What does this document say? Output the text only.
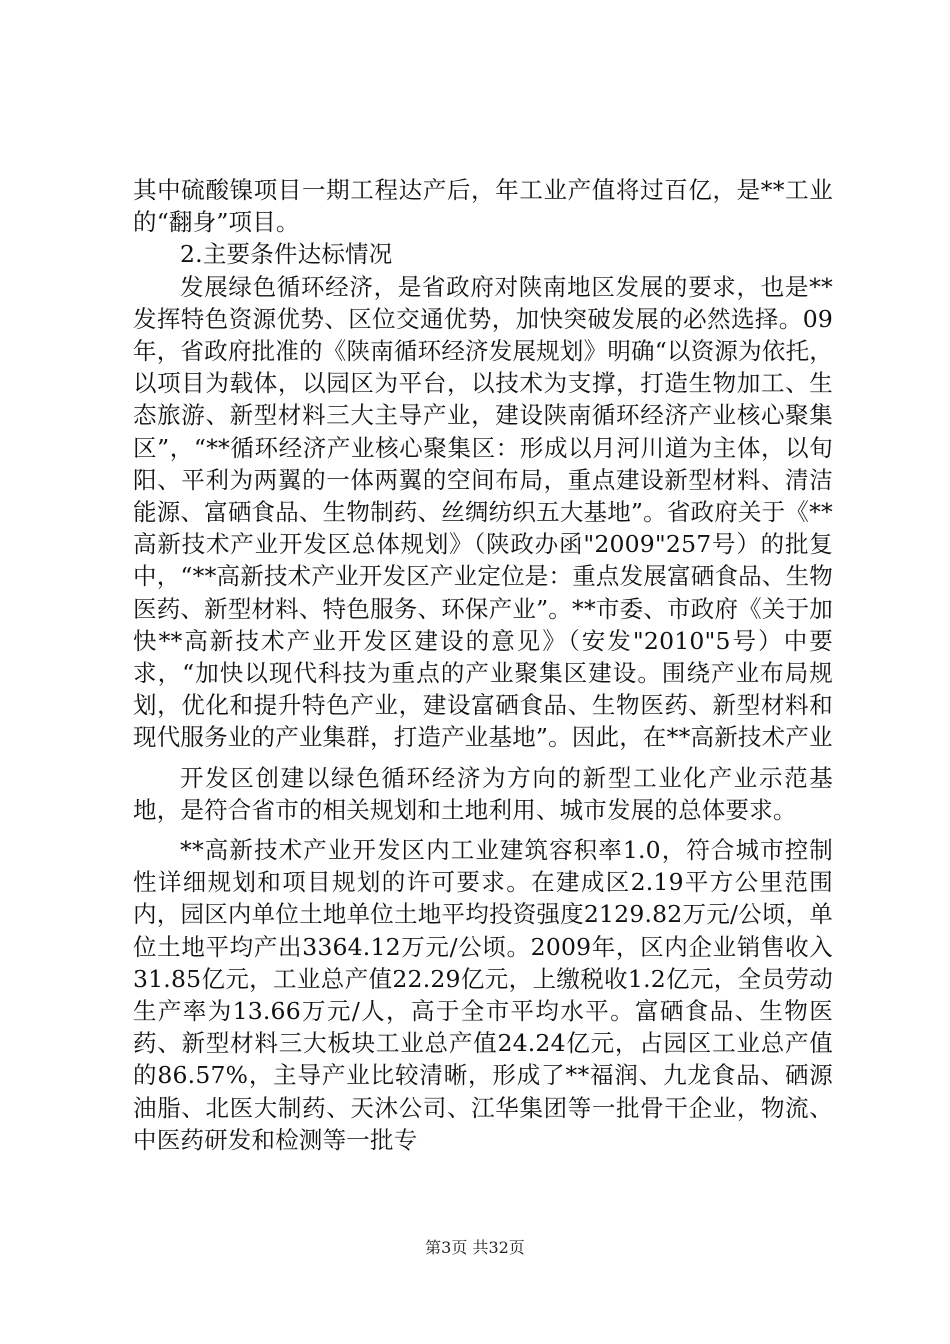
其中硫酸镍项目一期工程达产后，年工业产值将过百亿，是**工业的“翻身”项目。

2.主要条件达标情况

发展绿色循环经济，是省政府对陕南地区发展的要求，也是**发挥特色资源优势、区位交通优势，加快突破发展的必然选择。09年，省政府批准的《陕南循环经济发展规划》明确“以资源为依托，以项目为载体，以园区为平台，以技术为支撑，打造生物加工、生态旅游、新型材料三大主导产业，建设陕南循环经济产业核心聚集区”，“**循环经济产业核心聚集区：形成以月河川道为主体，以旬阳、平利为两翼的一体两翼的空间布局，重点建设新型材料、清洁能源、富硒食品、生物制药、丝绸纺织五大基地”。省政府关于《**高新技术产业开发区总体规划》（陕政办函"2009"257号）的批复中，“**高新技术产业开发区产业定位是：重点发展富硒食品、生物医药、新型材料、特色服务、环保产业”。**市委、市政府《关于加快**高新技术产业开发区建设的意见》（安发"2010"5号）中要求，“加快以现代科技为重点的产业聚集区建设。围绕产业布局规划，优化和提升特色产业，建设富硒食品、生物医药、新型材料和现代服务业的产业集群，打造产业基地”。因此，在**高新技术产业

开发区创建以绿色循环经济为方向的新型工业化产业示范基地，是符合省市的相关规划和土地利用、城市发展的总体要求。

**高新技术产业开发区内工业建筑容积率1.0，符合城市控制性详细规划和项目规划的许可要求。在建成区2.19平方公里范围内，园区内单位土地单位土地平均投资强度2129.82万元/公顷，单位土地平均产出3364.12万元/公顷。2009年，区内企业销售收入31.85亿元，工业总产值22.29亿元，上缴税收1.2亿元，全员劳动生产率为13.66万元/人，高于全市平均水平。富硒食品、生物医药、新型材料三大板块工业总产值24.24亿元，占园区工业总产值的86.57%，主导产业比较清晰，形成了**福润、九龙食品、硒源油脂、北医大制药、天沐公司、江华集团等一批骨干企业，物流、中医药研发和检测等一批专

第3页 共32页
